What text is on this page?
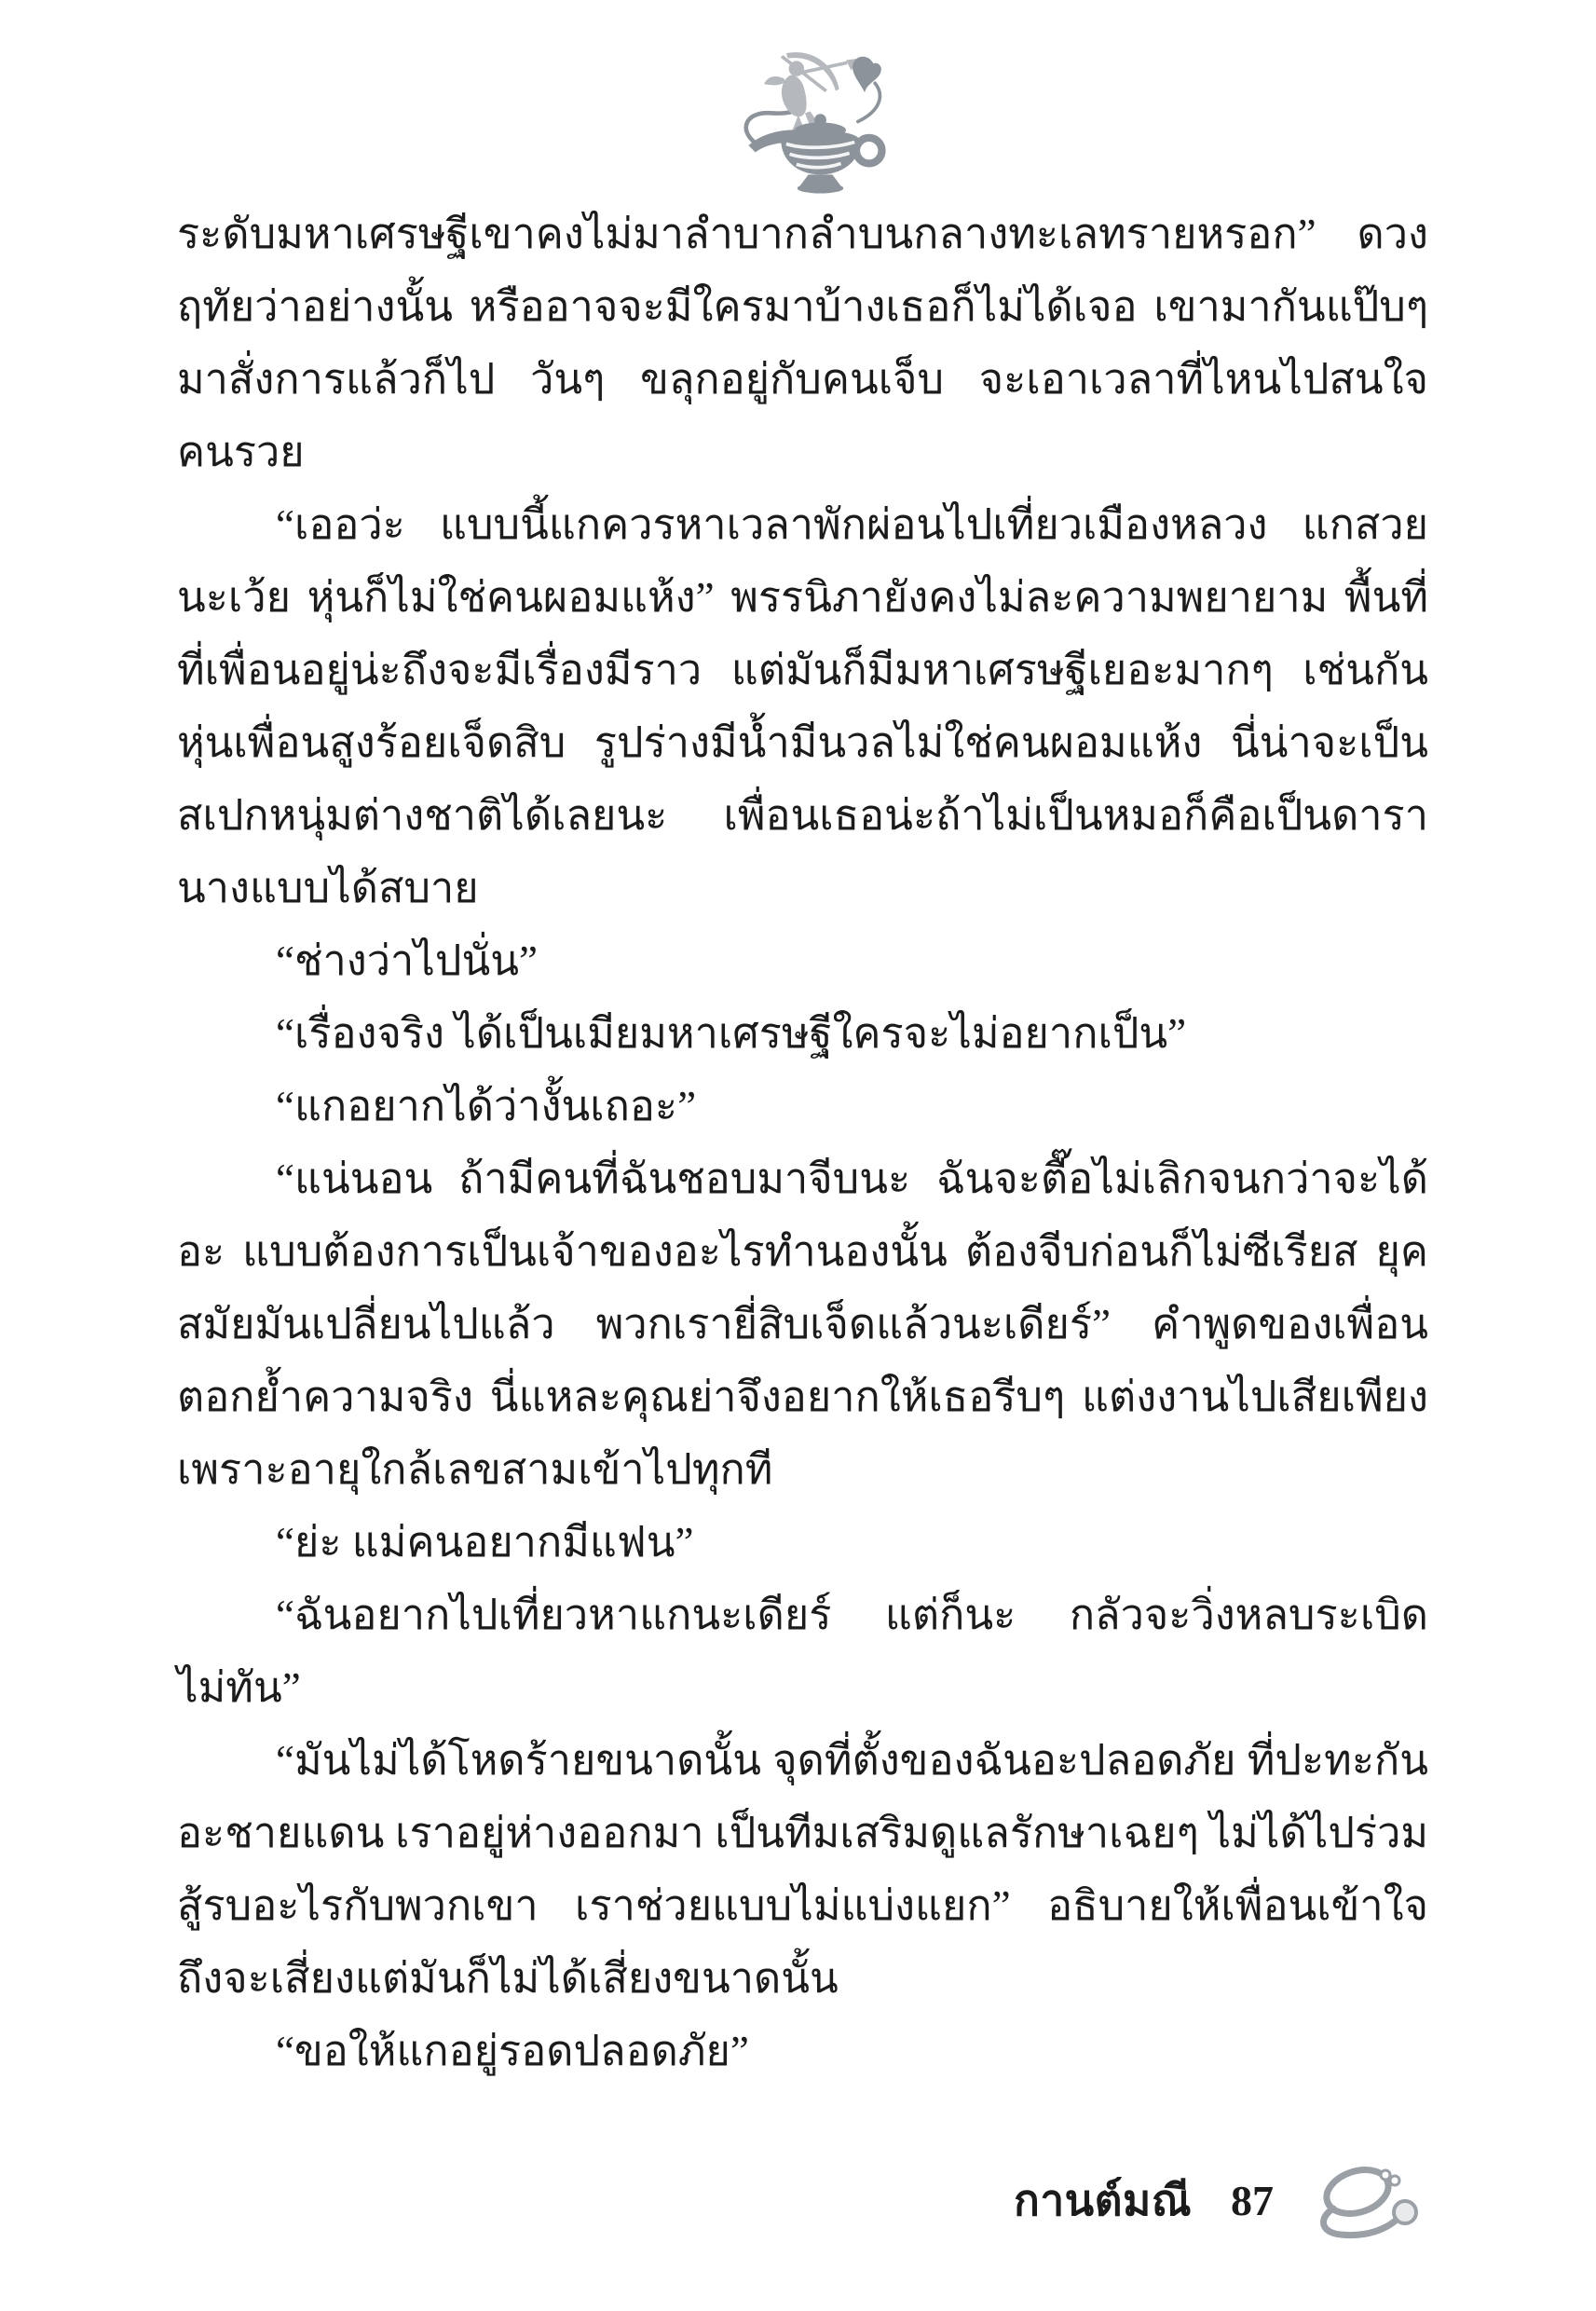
ระดับมหาเศรษฐีเขาคงไม่มาลำบากลำบนกลางทะเลทรายหรอก” ดวงฤทัยว่าอย่างนั้น หรืออาจจะมีใครมาบ้างเธอก็ไม่ได้เจอ เขามากันแป๊บๆ มาสั่งการแล้วก็ไป วันๆ ขลุกอยู่กับคนเจ็บ จะเอาเวลาที่ไหนไปสนใจคนรวย

“เออว่ะ แบบนี้แกควรหาเวลาพักผ่อนไปเที่ยวเมืองหลวง แกสวยนะเว้ย หุ่นก็ไม่ใช่คนผอมแห้ง” พรรนิภายังคงไม่ละความพยายาม พื้นที่ที่เพื่อนอยู่น่ะถึงจะมีเรื่องมีราว แต่มันก็มีมหาเศรษฐีเยอะมากๆ เช่นกัน หุ่นเพื่อนสูงร้อยเจ็ดสิบ รูปร่างมีน้ำมีนวลไม่ใช่คนผอมแห้ง นี่น่าจะเป็นสเปกหนุ่มต่างชาติได้เลยนะ เพื่อนเธอน่ะถ้าไม่เป็นหมอก็คือเป็นดารานางแบบได้สบาย

“ช่างว่าไปนั่น”

“เรื่องจริง ได้เป็นเมียมหาเศรษฐีใครจะไม่อยากเป็น”

“แกอยากได้ว่างั้นเถอะ”

“แน่นอน ถ้ามีคนที่ฉันชอบมาจีบนะ ฉันจะตื๊อไม่เลิกจนกว่าจะได้อะ แบบต้องการเป็นเจ้าของอะไรทำนองนั้น ต้องจีบก่อนก็ไม่ซีเรียส ยุคสมัยมันเปลี่ยนไปแล้ว พวกเรายี่สิบเจ็ดแล้วนะเดียร์” คำพูดของเพื่อนตอกย้ำความจริง นี่แหละคุณย่าจึงอยากให้เธอรีบๆ แต่งงานไปเสียเพียงเพราะอายุใกล้เลขสามเข้าไปทุกที

“ย่ะ แม่คนอยากมีแฟน”

“ฉันอยากไปเที่ยวหาแกนะเดียร์ แต่ก็นะ กลัวจะวิ่งหลบระเบิดไม่ทัน”

“มันไม่ได้โหดร้ายขนาดนั้น จุดที่ตั้งของฉันอะปลอดภัย ที่ปะทะกันอะชายแดน เราอยู่ห่างออกมา เป็นทีมเสริมดูแลรักษาเฉยๆ ไม่ได้ไปร่วมสู้รบอะไรกับพวกเขา เราช่วยแบบไม่แบ่งแยก” อธิบายให้เพื่อนเข้าใจ ถึงจะเสี่ยงแต่มันก็ไม่ได้เสี่ยงขนาดนั้น

“ขอให้แกอยู่รอดปลอดภัย”

กานต์มณี 87
